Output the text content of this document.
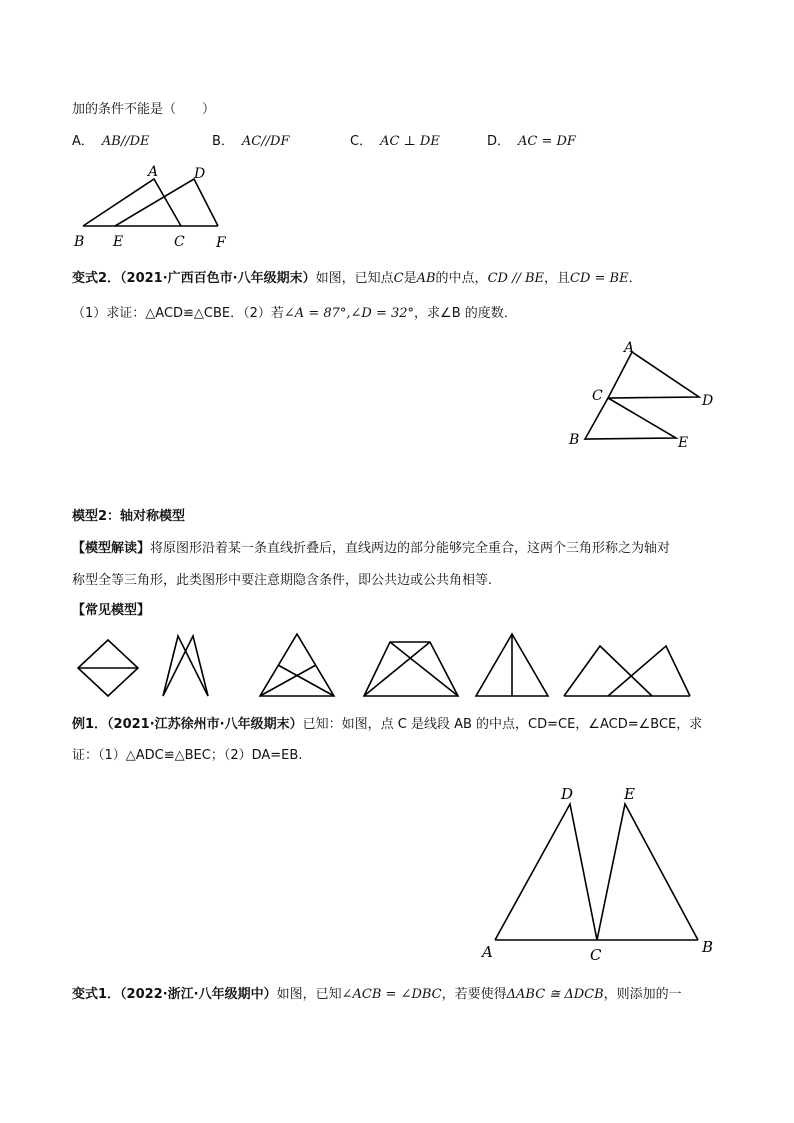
加的条件不能是（　　）
A． AB//DE	B． AC//DF	C． AC ⊥ DE	D． AC = DF
A	D
B E	C F
变式2．（2021·广西百色市·八年级期末）如图，已知点C是AB的中点，CD // BE，且CD = BE．
（1）求证：△ACD≌△CBE．（2）若∠A = 87°,∠D = 32°，求∠B 的度数．
A
C	D
B	E
模型2：轴对称模型
【模型解读】将原图形沿着某一条直线折叠后，直线两边的部分能够完全重合，这两个三角形称之为轴对
称型全等三角形，此类图形中要注意期隐含条件，即公共边或公共角相等.
【常见模型】
例1．（2021·江苏徐州市·八年级期末）已知：如图，点 C 是线段 AB 的中点，CD=CE，∠ACD=∠BCE，求
证：（1）△ADC≌△BEC；（2）DA=EB.
D	E
A	C	B
变式1．（2022·浙江·八年级期中）如图，已知∠ACB = ∠DBC，若要使得ΔABC ≅ ΔDCB，则添加的一
